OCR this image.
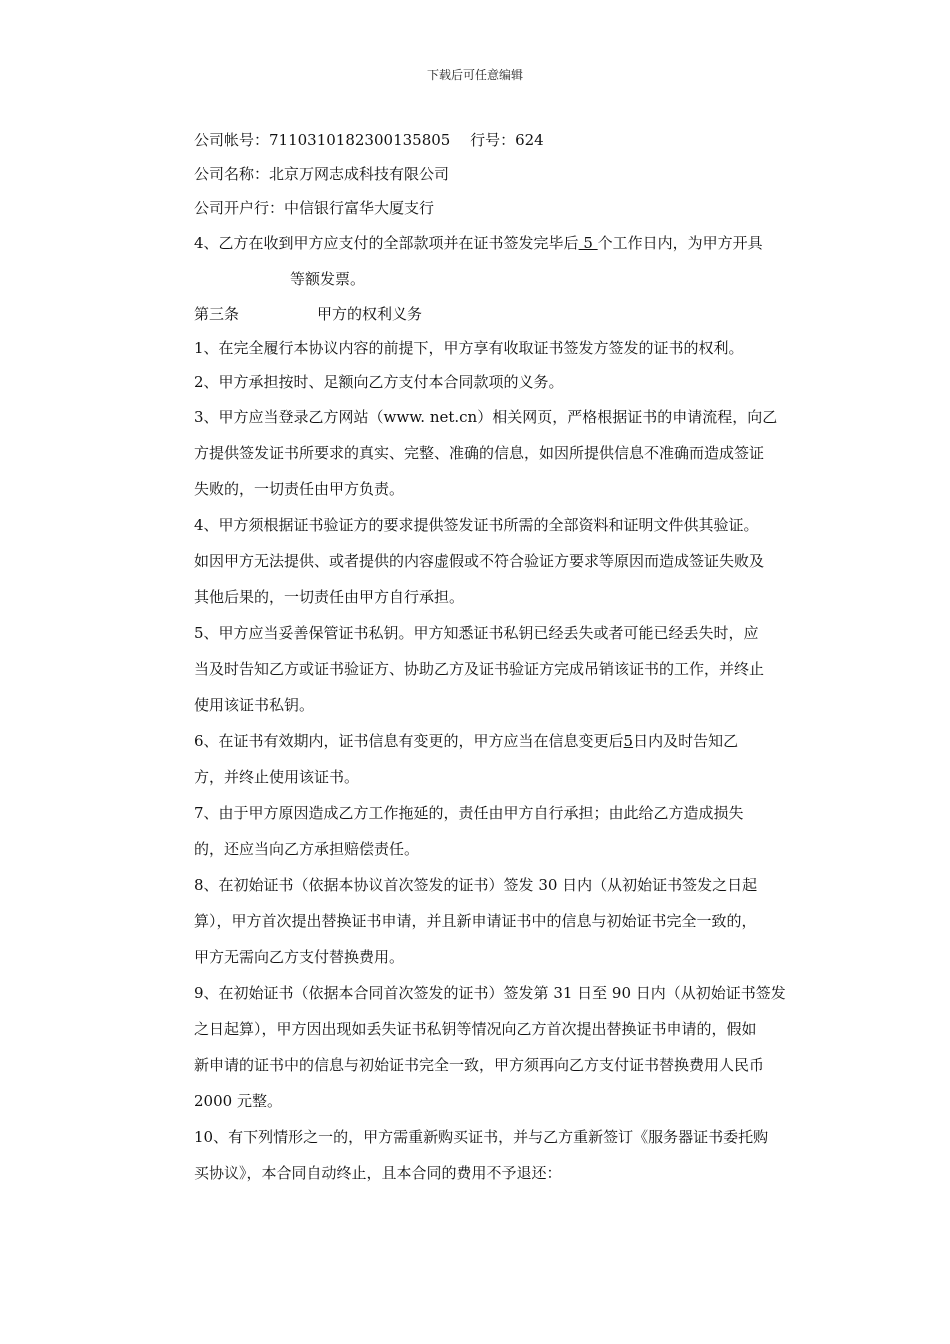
下载后可任意编辑
公司帐号：7110310182300135805　 行号：624
公司名称：北京万网志成科技有限公司
公司开户行：中信银行富华大厦支行
4、乙方在收到甲方应支付的全部款项并在证书签发完毕后 5 个工作日内，为甲方开具
等额发票。
第三条	甲方的权利义务
1、在完全履行本协议内容的前提下，甲方享有收取证书签发方签发的证书的权利。
2、甲方承担按时、足额向乙方支付本合同款项的义务。
3、甲方应当登录乙方网站（www. net.cn）相关网页，严格根据证书的申请流程，向乙
方提供签发证书所要求的真实、完整、准确的信息，如因所提供信息不准确而造成签证
失败的，一切责任由甲方负责。
4、甲方须根据证书验证方的要求提供签发证书所需的全部资料和证明文件供其验证。
如因甲方无法提供、或者提供的内容虚假或不符合验证方要求等原因而造成签证失败及
其他后果的，一切责任由甲方自行承担。
5、甲方应当妥善保管证书私钥。甲方知悉证书私钥已经丢失或者可能已经丢失时，应
当及时告知乙方或证书验证方、协助乙方及证书验证方完成吊销该证书的工作，并终止
使用该证书私钥。
6、在证书有效期内，证书信息有变更的，甲方应当在信息变更后5日内及时告知乙
方，并终止使用该证书。
7、由于甲方原因造成乙方工作拖延的，责任由甲方自行承担；由此给乙方造成损失
的，还应当向乙方承担赔偿责任。
8、在初始证书（依据本协议首次签发的证书）签发 30 日内（从初始证书签发之日起
算），甲方首次提出替换证书申请，并且新申请证书中的信息与初始证书完全一致的，
甲方无需向乙方支付替换费用。
9、在初始证书（依据本合同首次签发的证书）签发第 31 日至 90 日内（从初始证书签发
之日起算），甲方因出现如丢失证书私钥等情况向乙方首次提出替换证书申请的，假如
新申请的证书中的信息与初始证书完全一致，甲方须再向乙方支付证书替换费用人民币
2000 元整。
10、有下列情形之一的，甲方需重新购买证书，并与乙方重新签订《服务器证书委托购
买协议》，本合同自动终止，且本合同的费用不予退还：
